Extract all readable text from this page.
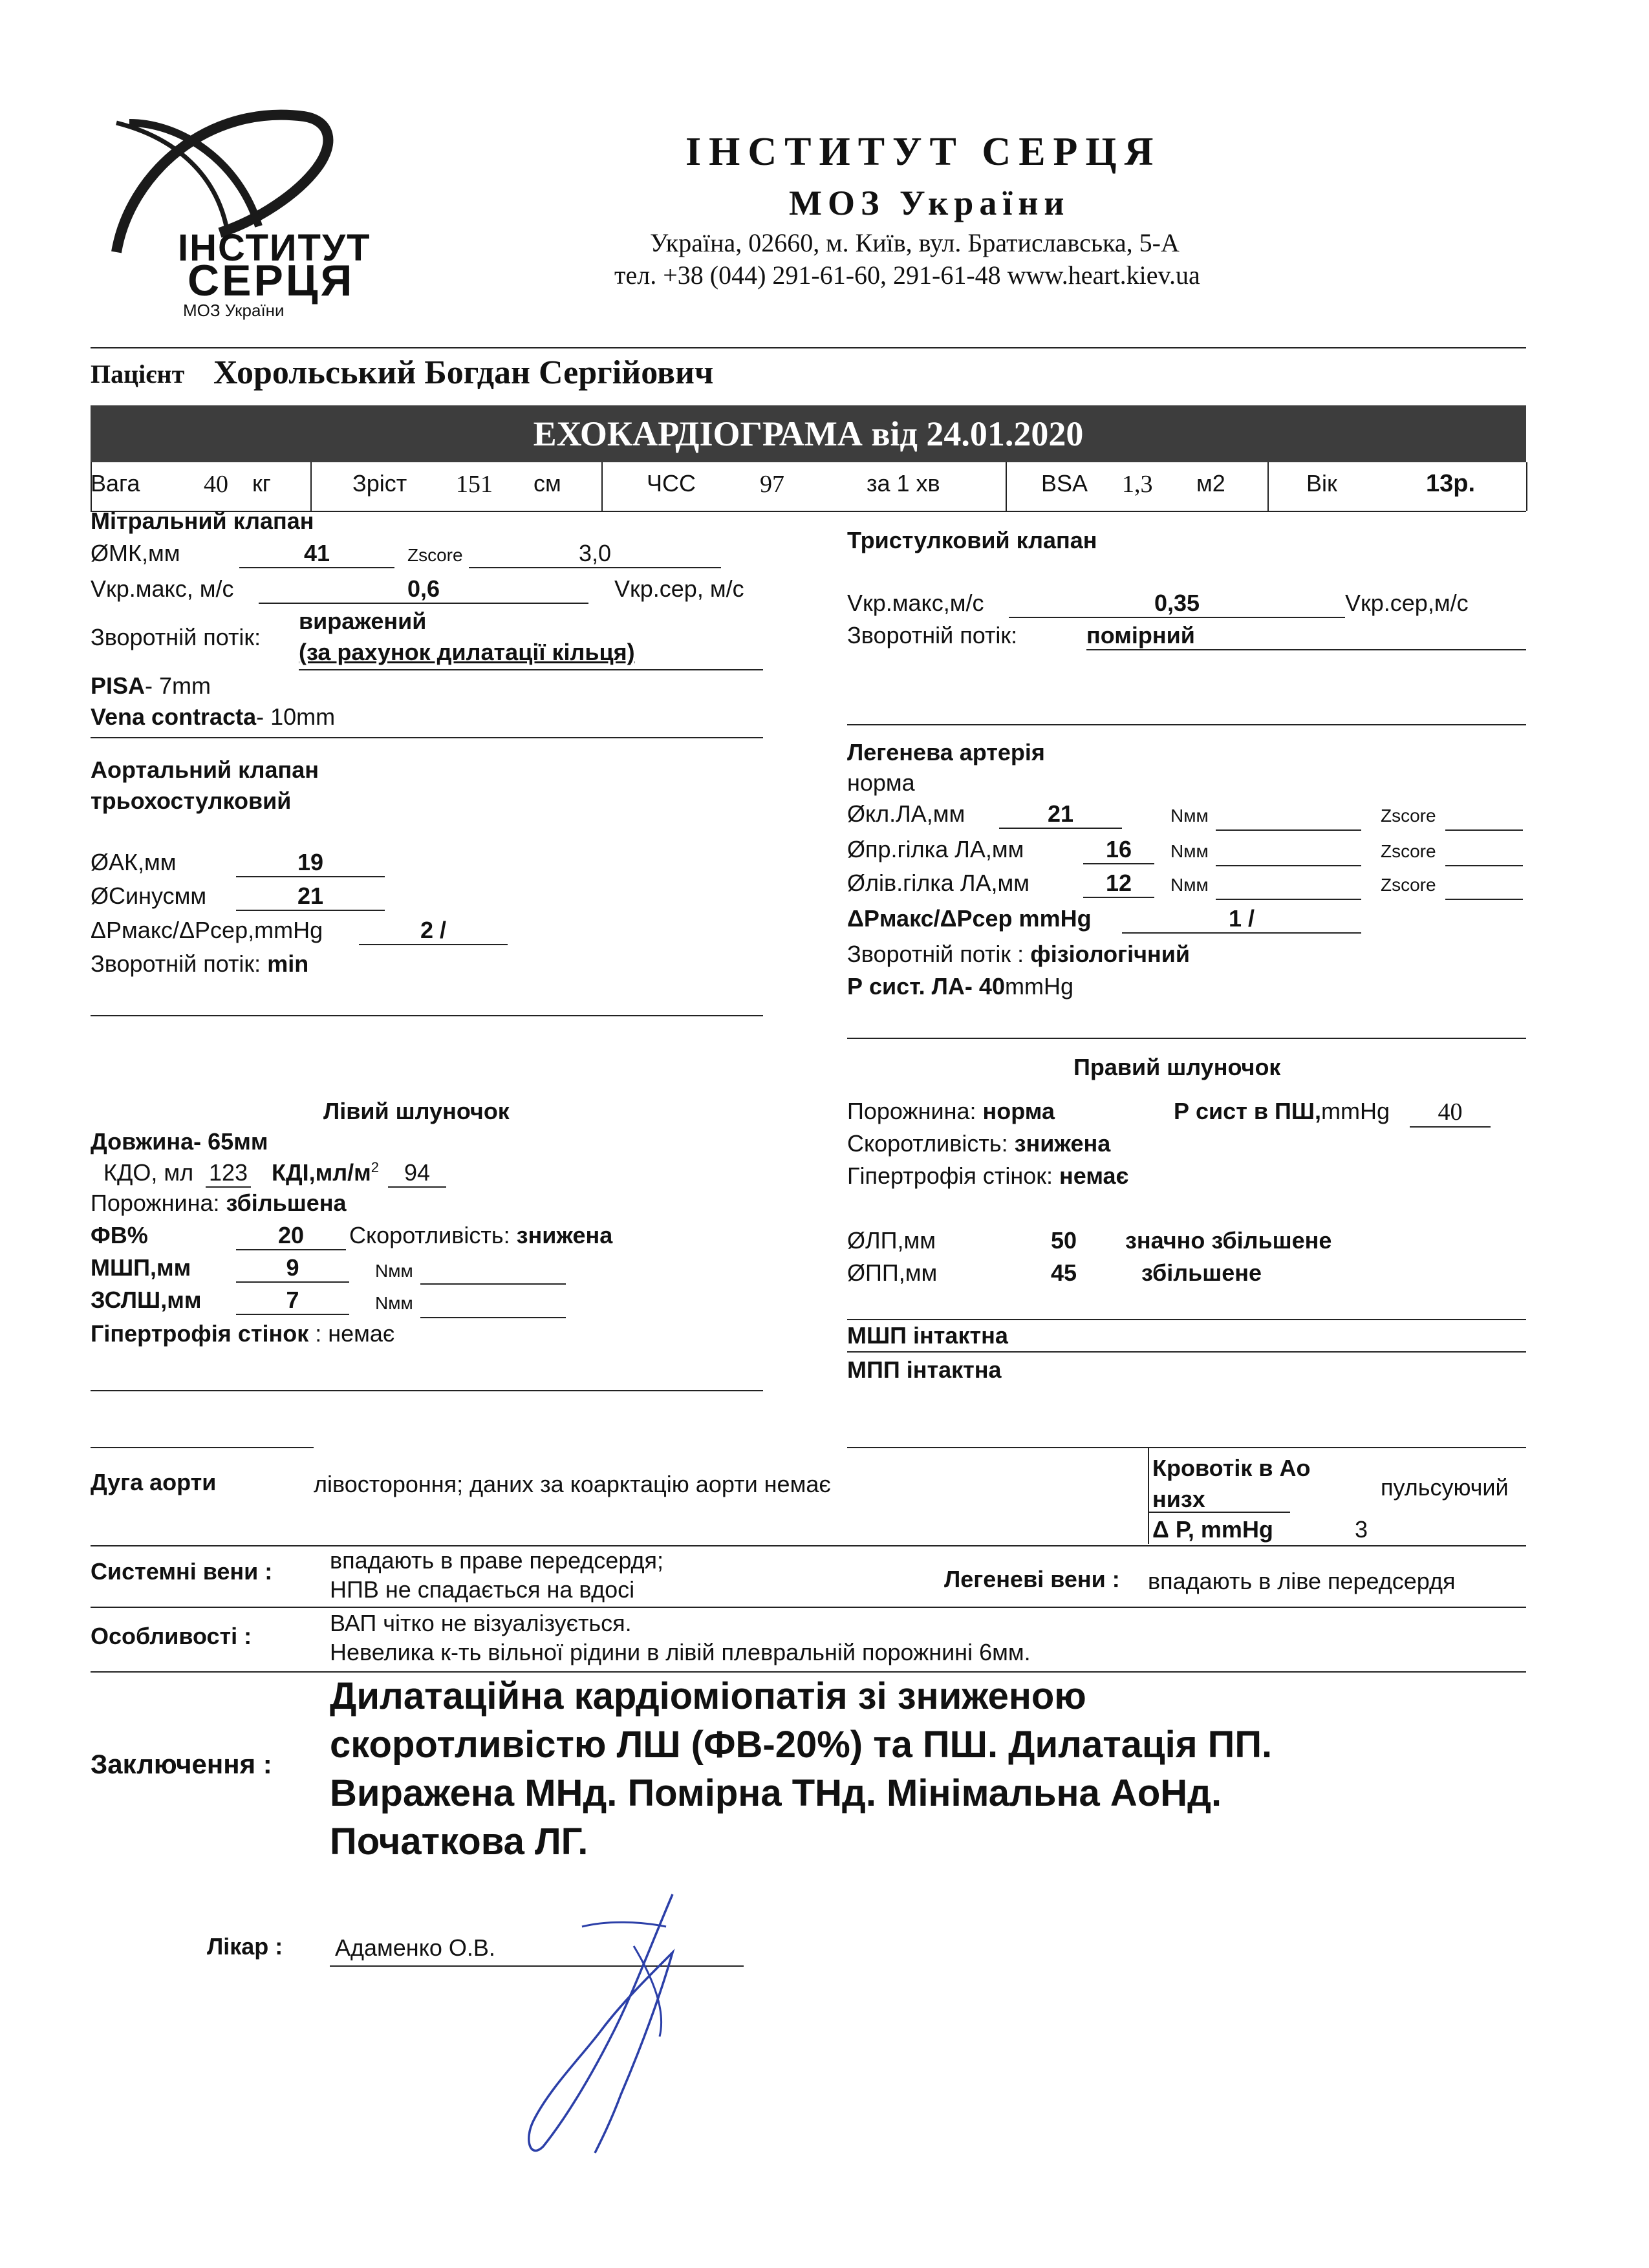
ІНСТИТУТ
СЕРЦЯ
МОЗ України
ІНСТИТУТ СЕРЦЯ
МОЗ України
Україна, 02660, м. Київ, вул. Братиславська, 5-А
тел. +38 (044) 291-61-60, 291-61-48 www.heart.kiev.ua
Пацієнт Хорольський Богдан Сергійович
ЕХОКАРДІОГРАМА від 24.01.2020
Вага	40 кг	Зріст 151 см	ЧСС	97	за 1 хв	BSA 1,3 м2	Вік	13р.
Мітральний клапан
ØМК,мм	41	Zscore	3,0
Vкр.макс, м/с	0,6	Vкр.сер, м/с
Зворотній потік:
виражений
(за рахунок дилатації кільця)
PISA- 7mm
Vena contracta- 10mm
Аортальний клапан
трьохостулковий
ØАК,мм	19
ØСинусмм	21
ΔРмакс/ΔРсер,mmHg	2 /
Зворотній потік: min
Тристулковий клапан
Vкр.макс,м/с	0,35	Vкр.сер,м/с
Зворотній потік:	помірний
Легенева артерія
норма
Øкл.ЛА,мм	21	Nмм	Zscore
Øпр.гілка ЛА,мм	16	Nмм	Zscore
Øлів.гілка ЛА,мм	12	Nмм	Zscore
ΔРмакс/ΔРсер mmHg	1 /
Зворотній потік : фізіологічний
Р сист. ЛА- 40mmHg
Лівий шлуночок
Довжина- 65мм
КДО, мл 123 $КДІ,мл/м^2$	94
Порожнина: збільшена
ФВ%	20	Скоротливість: знижена
МШП,мм	9	Nмм
ЗСЛШ,мм	7	Nмм
Гіпертрофія стінок : немає
Правий шлуночок
Порожнина: норма	Р сист в ПШ,mmHg	40
Скоротливість: знижена
Гіпертрофія стінок: немає
ØЛП,мм	50 значно збільшене
ØПП,мм	45	збільшене
МШП інтактна
МПП інтактна
Дуга аорти	лівостороння; даних за коарктацію аорти немає
Кровотік в Ао
низх	пульсуючий
Δ Р, mmHg	3
Системні вени : впадають в праве передсердя;
НПВ не спадається на вдосі	Легеневі вени : впадають в ліве передсердя
Особливості :	ВАП чітко не візуалізується.
Невелика к-ть вільної рідини в лівій плевральній порожнині 6мм.
Заключення :
Дилатаційна кардіоміопатія зі зниженою
скоротливістю ЛШ (ФВ-20%) та ПШ. Дилатація ПП.
Виражена МНд. Помірна ТНд. Мінімальна АоНд.
Початкова ЛГ.
Лікар : Адаменко О.В.
